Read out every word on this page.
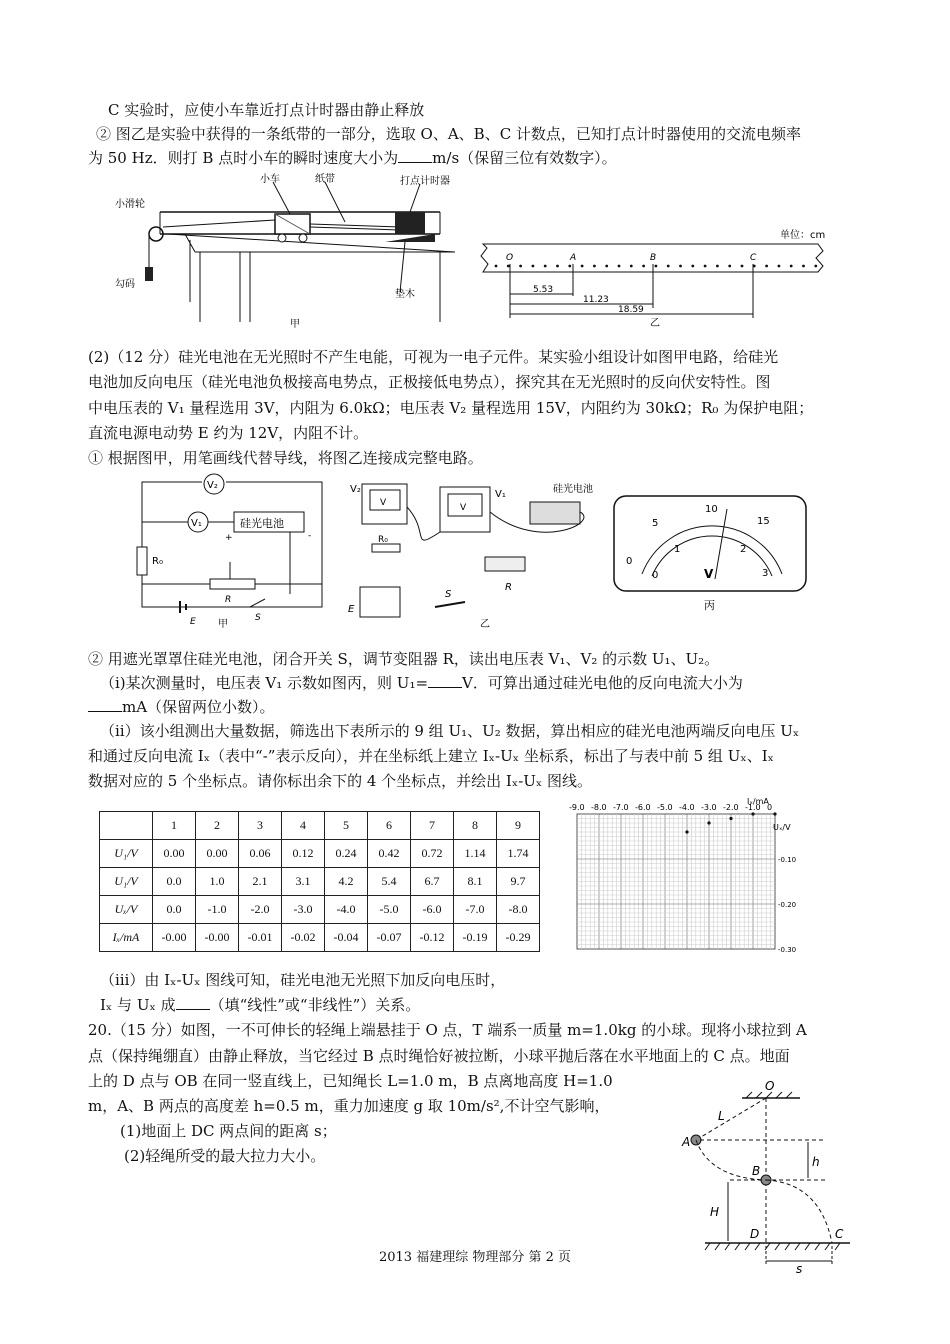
C 实验时，应使小车靠近打点计时器由静止释放
② 图乙是实验中获得的一条纸带的一部分，选取 O、A、B、C 计数点，已知打点计时器使用的交流电频率
为 50 Hz．则打 B 点时小车的瞬时速度大小为 m/s（保留三位有效数字）。
小车	纸带	打点计时器
小滑轮
勾码
垫木
甲
单位：cm
O	A	B	C
5.53
11.23
18.59
乙
(2)（12 分）硅光电池在无光照时不产生电能，可视为一电子元件。某实验小组设计如图甲电路，给硅光
电池加反向电压（硅光电池负极接高电势点，正极接低电势点），探究其在无光照时的反向伏安特性。图
中电压表的 V₁ 量程选用 3V，内阻为 6.0kΩ；电压表 V₂ 量程选用 15V，内阻约为 30kΩ；R₀ 为保护电阻；
直流电源电动势 E 约为 12V，内阻不计。
① 根据图甲，用笔画线代替导线，将图乙连接成完整电路。
V₂
V₁	硅光电池
+	-
R₀
R
E	S
甲
V
V₂
V
V₁	硅光电池
R₀
R
E
S
乙
0
5
10
15
0
1	2
3
V
丙
② 用遮光罩罩住硅光电池，闭合开关 S，调节变阻器 R，读出电压表 V₁、V₂ 的示数 U₁、U₂。
（ⅰ)某次测量时，电压表 V₁ 示数如图丙，则 U₁= V．可算出通过硅光电他的反向电流大小为
mA（保留两位小数）。
（ⅱ）该小组测出大量数据，筛选出下表所示的 9 组 U₁、U₂ 数据，算出相应的硅光电池两端反向电压 Uₓ
和通过反向电流 Iₓ（表中“-”表示反向），并在坐标纸上建立 Iₓ-Uₓ 坐标系，标出了与表中前 5 组 Uₓ、Iₓ
数据对应的 5 个坐标点。请你标出余下的 4 个坐标点，并绘出 Iₓ-Uₓ 图线。
	1	2	3	4	5	6	7	8	9
U₁/V	0.00	0.00	0.06	0.12	0.24	0.42	0.72	1.14	1.74
U₁/V	0.0	1.0	2.1	3.1	4.2	5.4	6.7	8.1	9.7
Uₓ/V	0.0	-1.0	-2.0	-3.0	-4.0	-5.0	-6.0	-7.0	-8.0
Iₓ/mA	-0.00	-0.00	-0.01	-0.02	-0.04	-0.07	-0.12	-0.19	-0.29
-9.0 -8.0 -7.0 -6.0 -5.0 -4.0 -3.0 -2.0 -1.0 0
-0.10
-0.20
-0.30
Uₓ/V
Iₓ/mA
（ⅲ）由 Iₓ-Uₓ 图线可知，硅光电池无光照下加反向电压时，
Iₓ 与 Uₓ 成 （填“线性”或“非线性”）关系。
20.（15 分）如图，一不可伸长的轻绳上端悬挂于 O 点，T 端系一质量 m=1.0kg 的小球。现将小球拉到 A
点（保持绳绷直）由静止释放，当它经过 B 点时绳恰好被拉断，小球平抛后落在水平地面上的 C 点。地面
上的 D 点与 OB 在同一竖直线上，已知绳长 L=1.0 m，B 点离地高度 H=1.0
m，A、B 两点的高度差 h=0.5 m，重力加速度 g 取 10m/s²,不计空气影响，
(1)地面上 DC 两点间的距离 s；
(2)轻绳所受的最大拉力大小。
O
L
A
B
h
H
D	C
s
2013 福建理综 物理部分 第 2 页
